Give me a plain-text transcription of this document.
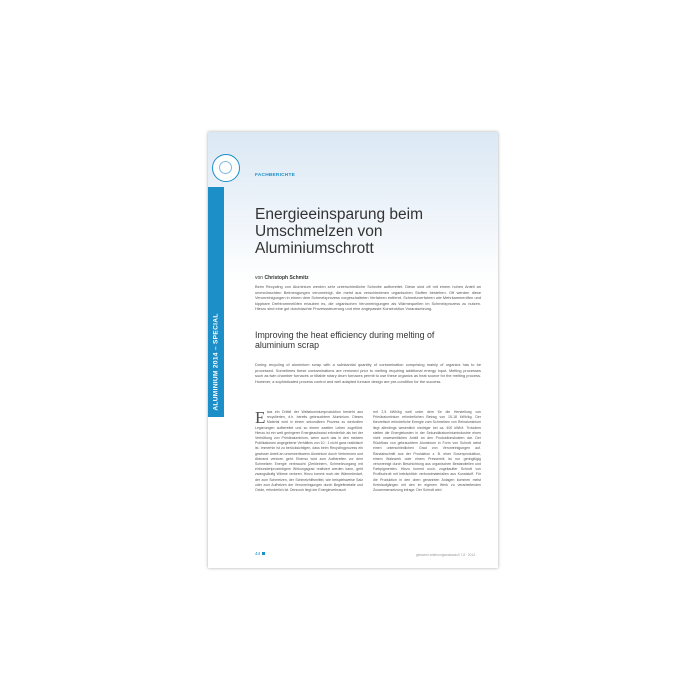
ALUMINIUM 2014 – SPECIAL
FACHBERICHTE
Energieeinsparung beim Umschmelzen von Aluminiumschrott
von Christoph Schmitz
Beim Recycling von Aluminium werden sehr unterschiedliche Schrotte aufbereitet. Diese sind oft mit einem hohen Anteil an unerwünschten Beimengungen verunreinigt, die meist aus verschiedenen organischen Stoffen bestehen. Oft werden diese Verunreinigungen in einem dem Schmelzprozess vorgeschalteten Verfahren entfernt. Schmelzverfahren wie Mehrkammeröfen und kippbare Drehtrommelöfen erlauben es, die organischen Verunreinigungen als Wärmequellen im Schmelzprozess zu nutzen. Hierzu sind eine gut durchdachte Prozesssteuerung und eine angepasste Konstruktion Voraussetzung.
Improving the heat efficiency during melting of aluminium scrap
During recycling of aluminium scrap with a substantial quantity of contamination comprising mainly of organics has to be processed. Sometimes these contaminations are removed prior to melting requiring additional energy input. Melting processes such as twin chamber furnaces or tiltable rotary drum furnaces permit to use these organics as heat source for the melting process. However, a sophisticated process control and well adapted furnace design are pre-condition for the success.
E twa ein Drittel der Weltaluminiumproduktion besteht aus recyclierten, d.h. bereits gebrauchtem Aluminium. Dieses Material wird in einem sekundären Prozess zu wertvollen Legierungen aufbereitet und so einem zweiten Leben zugeführt. Hierzu ist ein weit geringerer Energieaufwand erforderlich als bei der Verhüttung von Primäraluminium, wenn auch das in den meisten Publikationen angegebene Verhältnis von 10 : 1 nicht ganz realistisch ist. Immerhin ist zu berücksichtigen, dass beim Recyclingprozess ein gewisser Anteil an unverwertbarem Aluminium durch Verbrennen und Abbrand verloren geht. Ebenso wird zum Aufbereiten vor dem Schmelzen Energie verbraucht (Zerkleinern, Schmelzvorgang mit einhundertprozentigem Wirkungsgrad realisiert werden kann, geht zwangsläufig Wärme verloren. Hinzu kommt noch der Wärmebedarf, der zum Schmelzen, der Schmelzhilfsmittel, wie beispielsweise Salz oder zum Aufheizen der Verunreinigungen durch Begleitmetalle und Oxide, erforderlich ist. Dennoch liegt der Energieverbrauch
mit 2,5 kWh/kg weit unter dem für die Herstellung von Primäraluminium erforderlichen Betrag von 15-18 kWh/kg. Der theoretisch erforderliche Energie zum Schmelzen von Reinaluminium liegt allerdings wesentlich niedriger bei ca. 400 kWh/t. Trotzdem stellen die Energiekosten in der Sekundäraluminiumindustrie einen nicht unwesentlichen Anteil an den Produktionskosten dar. Der Rückfluss von gebrauchtem Aluminium in Form von Schrott weist einen unterschiedlichen Grad von Verunreinigungen auf. Randabschnitt aus der Produktion z. B. einer Dosenproduktion, einem Walzwerk oder einem Pressereik ist nur geringfügig verunreinigt durch Beschichtung aus organischen Bestandteilen und Farbpigmenten. Hinzu kommt noch, zugekaufter Schrott von Profilschrott mit beträchtlich verbundmaterialien aus Kunststoff. Für die Produktion in den oben genannten Anlagen kommen meist Kreislaufgängen mit den im eigenen Werk zu verarbeitenden Zusammensetzung infrage. Der Schrott wird
44	giesserei-erfahrungsaustausch 7-8 · 2014
